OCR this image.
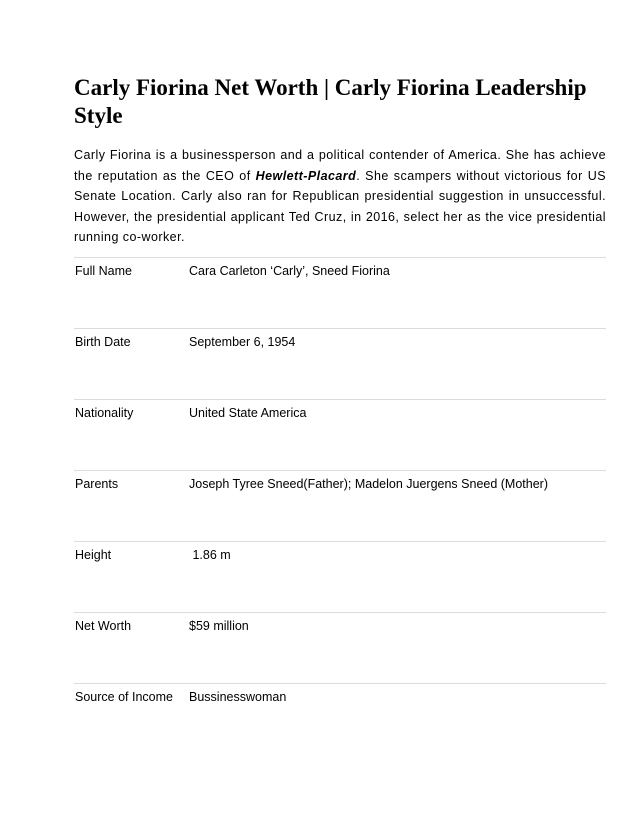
Carly Fiorina Net Worth | Carly Fiorina Leadership Style

Carly Fiorina is a businessperson and a political contender of America. She has achieve the reputation as the CEO of Hewlett-Placard. She scampers without victorious for US Senate Location. Carly also ran for Republican presidential suggestion in unsuccessful. However, the presidential applicant Ted Cruz, in 2016, select her as the vice presidential running co-worker.

Full Name	Cara Carleton ‘Carly’, Sneed Fiorina
Birth Date	September 6, 1954
Nationality	United State America
Parents	Joseph Tyree Sneed(Father); Madelon Juergens Sneed (Mother)
Height	1.86 m
Net Worth	$59 million
Source of Income	Bussinesswoman
